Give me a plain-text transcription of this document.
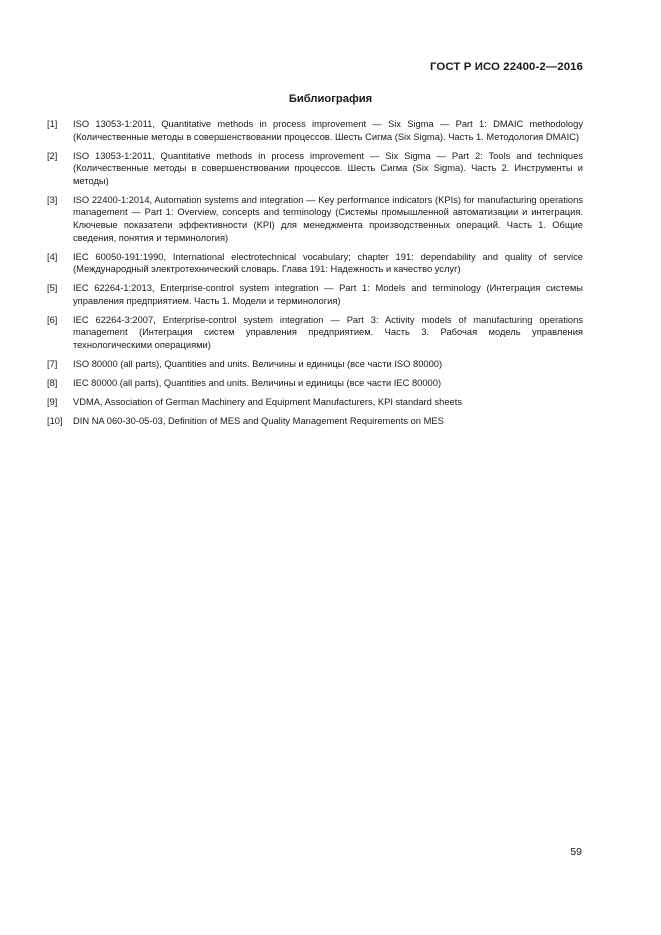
ГОСТ Р ИСО 22400-2—2016
Библиография
[1]	ISO 13053-1:2011, Quantitative methods in process improvement — Six Sigma — Part 1: DMAIC methodology (Количественные методы в совершенствовании процессов. Шесть Сигма (Six Sigma). Часть 1. Методология DMAIC)
[2]	ISO 13053-1:2011, Quantitative methods in process improvement — Six Sigma — Part 2: Tools and techniques (Количественные методы в совершенствовании процессов. Шесть Сигма (Six Sigma). Часть 2. Инструменты и методы)
[3]	ISO 22400-1:2014, Automation systems and integration — Key performance indicators (KPIs) for manufacturing operations management — Part 1: Overview, concepts and terminology (Системы промышленной автоматизации и интеграция. Ключевые показатели эффективности (KPI) для менеджмента производственных операций. Часть 1. Общие сведения, понятия и терминология)
[4]	IEC 60050-191:1990, International electrotechnical vocabulary; chapter 191: dependability and quality of service (Международный электротехнический словарь. Глава 191: Надежность и качество услуг)
[5]	IEC 62264-1:2013, Enterprise-control system integration — Part 1: Models and terminology (Интеграция системы управления предприятием. Часть 1. Модели и терминология)
[6]	IEC 62264-3:2007, Enterprise-control system integration — Part 3: Activity models of manufacturing operations management (Интеграция систем управления предприятием. Часть 3. Рабочая модель управления технологическими операциями)
[7]	ISO 80000 (all parts), Quantities and units. Величины и единицы (все части ISO 80000)
[8]	IEC 80000 (all parts), Quantities and units. Величины и единицы (все части IEC 80000)
[9]	VDMA, Association of German Machinery and Equipment Manufacturers, KPI standard sheets
[10]	DIN NA 060-30-05-03, Definition of MES and Quality Management Requirements on MES
59
